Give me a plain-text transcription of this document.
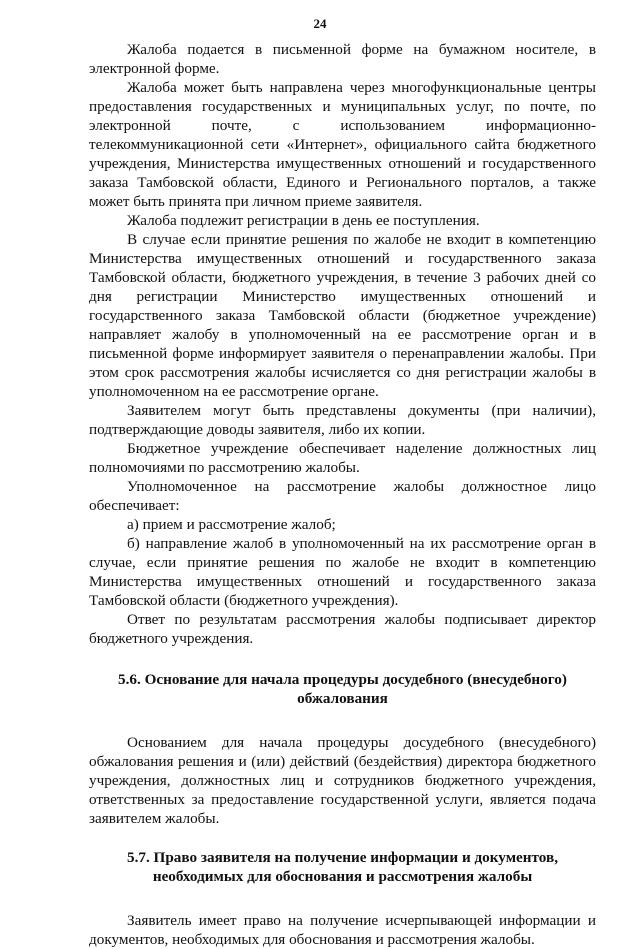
24

Жалоба подается в письменной форме на бумажном носителе, в электронной форме.

Жалоба может быть направлена через многофункциональные центры предоставления государственных и муниципальных услуг, по почте, по электронной почте, с использованием информационно-телекоммуникационной сети «Интернет», официального сайта бюджетного учреждения, Министерства имущественных отношений и государственного заказа Тамбовской области, Единого и Регионального порталов, а также может быть принята при личном приеме заявителя.

Жалоба подлежит регистрации в день ее поступления.

В случае если принятие решения по жалобе не входит в компетенцию Министерства имущественных отношений и государственного заказа Тамбовской области, бюджетного учреждения, в течение 3 рабочих дней со дня регистрации Министерство имущественных отношений и государственного заказа Тамбовской области (бюджетное учреждение) направляет жалобу в уполномоченный на ее рассмотрение орган и в письменной форме информирует заявителя о перенаправлении жалобы. При этом срок рассмотрения жалобы исчисляется со дня регистрации жалобы в уполномоченном на ее рассмотрение органе.

Заявителем могут быть представлены документы (при наличии), подтверждающие доводы заявителя, либо их копии.

Бюджетное учреждение обеспечивает наделение должностных лиц полномочиями по рассмотрению жалобы.

Уполномоченное на рассмотрение жалобы должностное лицо обеспечивает:

а) прием и рассмотрение жалоб;

б) направление жалоб в уполномоченный на их рассмотрение орган в случае, если принятие решения по жалобе не входит в компетенцию Министерства имущественных отношений и государственного заказа Тамбовской области (бюджетного учреждения).

Ответ по результатам рассмотрения жалобы подписывает директор бюджетного учреждения.

5.6. Основание для начала процедуры досудебного (внесудебного)

обжалования

Основанием для начала процедуры досудебного (внесудебного) обжалования решения и (или) действий (бездействия) директора бюджетного учреждения, должностных лиц и сотрудников бюджетного учреждения, ответственных за предоставление государственной услуги, является подача заявителем жалобы.

5.7. Право заявителя на получение информации и документов,

необходимых для обоснования и рассмотрения жалобы

Заявитель имеет право на получение исчерпывающей информации и документов, необходимых для обоснования и рассмотрения жалобы.
